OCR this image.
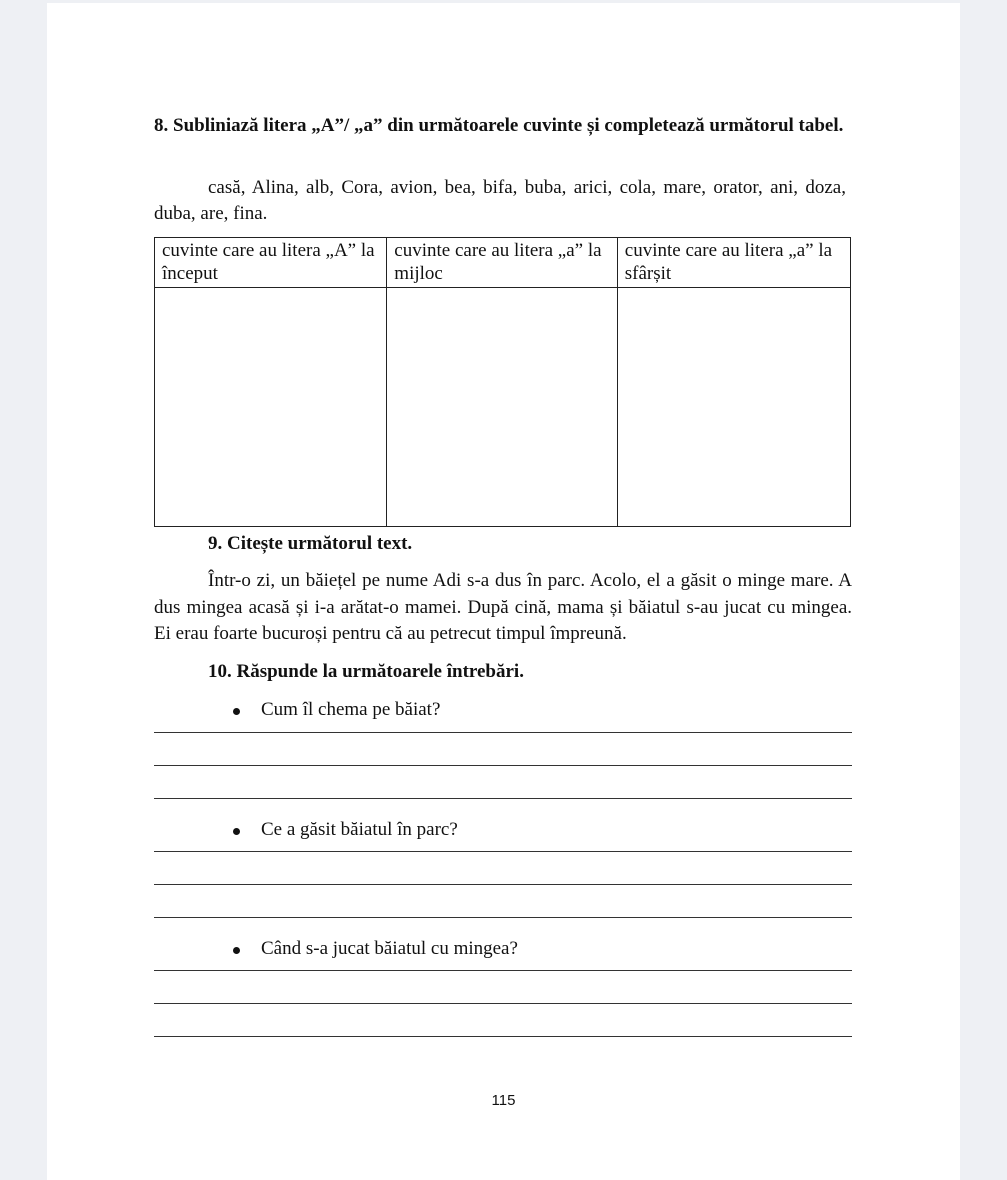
8. Subliniază litera „A”/ „a” din următoarele cuvinte și completează următorul tabel.

casă, Alina, alb, Cora, avion, bea, bifa, buba, arici, cola, mare, orator, ani, doza, duba, are, fina.

cuvinte care au litera „A” la început	cuvinte care au litera „a” la mijloc	cuvinte care au litera „a” la sfârșit

9. Citește următorul text.

Într-o zi, un băiețel pe nume Adi s-a dus în parc. Acolo, el a găsit o minge mare. A dus mingea acasă și i-a arătat-o mamei. După cină, mama și băiatul s-au jucat cu mingea. Ei erau foarte bucuroși pentru că au petrecut timpul împreună.

10. Răspunde la următoarele întrebări.

Cum îl chema pe băiat?

Ce a găsit băiatul în parc?

Când s-a jucat băiatul cu mingea?

115
